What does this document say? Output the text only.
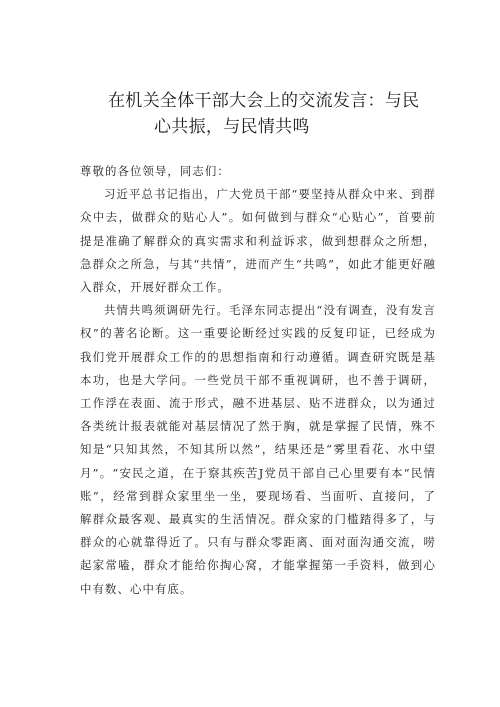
在机关全体干部大会上的交流发言：与民
心共振，与民情共鸣

尊敬的各位领导，同志们：

习近平总书记指出，广大党员干部“要坚持从群众中来、到群众中去，做群众的贴心人”。如何做到与群众“心贴心”，首要前提是准确了解群众的真实需求和利益诉求，做到想群众之所想，急群众之所急，与其“共情”，进而产生“共鸣”，如此才能更好融入群众，开展好群众工作。

共情共鸣须调研先行。毛泽东同志提出“没有调查，没有发言权”的著名论断。这一重要论断经过实践的反复印证，已经成为我们党开展群众工作的的思想指南和行动遵循。调查研究既是基本功，也是大学问。一些党员干部不重视调研，也不善于调研，工作浮在表面、流于形式，融不进基层、贴不进群众，以为通过各类统计报表就能对基层情况了然于胸，就是掌握了民情，殊不知是“只知其然，不知其所以然”，结果还是“雾里看花、水中望月”。“安民之道，在于察其疾苦J党员干部自己心里要有本“民情账”，经常到群众家里坐一坐，要现场看、当面听、直接问，了解群众最客观、最真实的生活情况。群众家的门槛踏得多了，与群众的心就靠得近了。只有与群众零距离、面对面沟通交流，唠起家常嗑，群众才能给你掏心窝，才能掌握第一手资料，做到心中有数、心中有底。
